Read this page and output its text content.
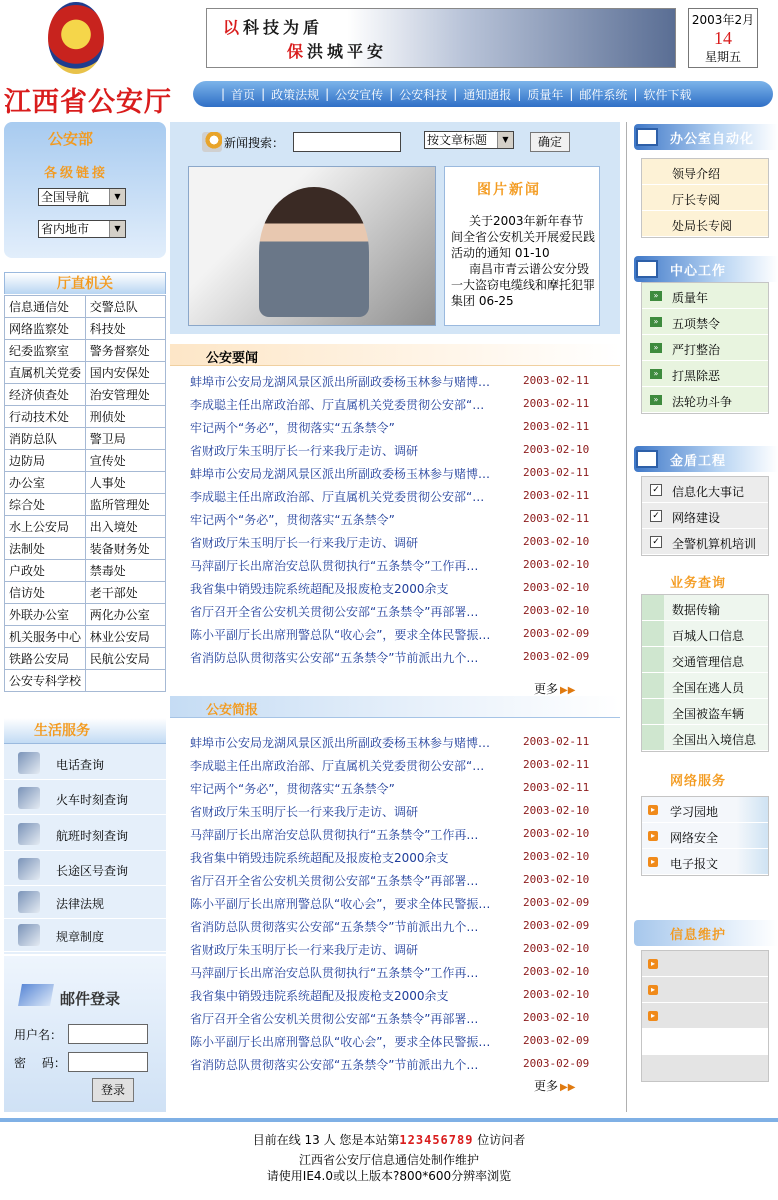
江西省公安厅
以科技为盾
保洪城平安
2003年2月
14
星期五
| 首页 | 政策法规 | 公安宣传 | 公安科技 | 通知通报 | 质量年 | 邮件系统 | 软件下载
公安部
各级链接
全国导航	▼
省内地市	▼
厅直机关
信息通信处	交警总队
网络监察处	科技处
纪委监察室	警务督察处
直属机关党委	国内安保处
经济侦查处	治安管理处
行动技术处	刑侦处
消防总队	警卫局
边防局	宣传处
办公室	人事处
综合处	监所管理处
水上公安局	出入境处
法制处	装备财务处
户政处	禁毒处
信访处	老干部处
外联办公室	两化办公室
机关服务中心	林业公安局
铁路公安局	民航公安局
公安专科学校	
生活服务
电话查询
火车时刻查询
航班时刻查询
长途区号查询
法律法规
规章制度
邮件登录
用户名：
密　 码：
登录
新闻搜索：	按文章标题	▼	确定
图片新闻
关于2003年新年春节间全省公安机关开展爱民践活动的通知 01-10
南昌市青云谱公安分毁一大盗窃电缆线和摩托犯罪集团 06-25
公安要闻
蚌埠市公安局龙湖风景区派出所副政委杨玉林参与赌博…	2003-02-11
李成聪主任出席政治部、厅直属机关党委贯彻公安部“…	2003-02-11
牢记两个“务必”，贯彻落实“五条禁令”	2003-02-11
省财政厅朱玉明厅长一行来我厅走访、调研	2003-02-10
蚌埠市公安局龙湖风景区派出所副政委杨玉林参与赌博…	2003-02-11
李成聪主任出席政治部、厅直属机关党委贯彻公安部“…	2003-02-11
牢记两个“务必”，贯彻落实“五条禁令”	2003-02-11
省财政厅朱玉明厅长一行来我厅走访、调研	2003-02-10
马萍副厅长出席治安总队贯彻执行“五条禁令”工作再…	2003-02-10
我省集中销毁违院系统超配及报废枪支2000余支	2003-02-10
省厅召开全省公安机关贯彻公安部“五条禁令”再部署…	2003-02-10
陈小平副厅长出席刑警总队“收心会”，要求全体民警振…	2003-02-09
省消防总队贯彻落实公安部“五条禁令”节前派出九个…	2003-02-09
更多 ▶▶
公安简报
蚌埠市公安局龙湖风景区派出所副政委杨玉林参与赌博…	2003-02-11
李成聪主任出席政治部、厅直属机关党委贯彻公安部“…	2003-02-11
牢记两个“务必”，贯彻落实“五条禁令”	2003-02-11
省财政厅朱玉明厅长一行来我厅走访、调研	2003-02-10
马萍副厅长出席治安总队贯彻执行“五条禁令”工作再…	2003-02-10
我省集中销毁违院系统超配及报废枪支2000余支	2003-02-10
省厅召开全省公安机关贯彻公安部“五条禁令”再部署…	2003-02-10
陈小平副厅长出席刑警总队“收心会”，要求全体民警振…	2003-02-09
省消防总队贯彻落实公安部“五条禁令”节前派出九个…	2003-02-09
省财政厅朱玉明厅长一行来我厅走访、调研	2003-02-10
马萍副厅长出席治安总队贯彻执行“五条禁令”工作再…	2003-02-10
我省集中销毁违院系统超配及报废枪支2000余支	2003-02-10
省厅召开全省公安机关贯彻公安部“五条禁令”再部署…	2003-02-10
陈小平副厅长出席刑警总队“收心会”，要求全体民警振…	2003-02-09
省消防总队贯彻落实公安部“五条禁令”节前派出九个…	2003-02-09
更多 ▶▶
办公室自动化
领导介绍
厅长专阅
处局长专阅
中心工作
» 质量年
» 五项禁令
» 严打整治
» 打黑除恶
» 法轮功斗争
金盾工程
✓ 信息化大事记
✓ 网络建设
✓ 全警机算机培训
业务查询
数据传输
百城人口信息
交通管理信息
全国在逃人员
全国被盗车辆
全国出入境信息
网络服务
▸ 学习园地
▸ 网络安全
▸ 电子报文
信息维护
▸
▸
▸
目前在线 13 人 您是本站第123456789 位访问者
江西省公安厅信息通信处制作维护
请使用IE4.0或以上版本?800*600分辨率浏览
